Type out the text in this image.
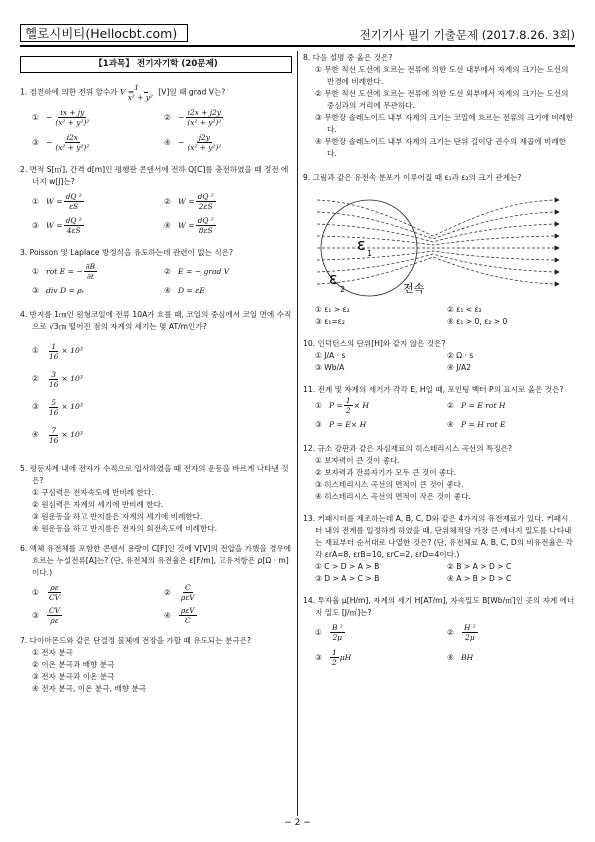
헬로시비티(Hellocbt.com)	전기기사 필기 기출문제 (2017.8.26. 3회)
【1과목】 전기자기학 (20문제)
1. 점전하에 의한 전위 함수가 $V = \frac{1}{\text{x² + y²}} [V]$일 때 grad V는?
① − $\frac{ix + jy}{\text{(x² + y²)²}}$	② − $\frac{i2x + j2y}{\text{(x² + y²)²}}$
③ − $\frac{i2x}{\text{(x² + y²)²}}$	④ − $\frac{j2y}{\text{(x² + y²)²}}$
2. 면적 S[㎡], 간격 d[m]인 평행판 콘덴서에 전하 Q[C]를 충전하였을 때 정전 에너지 w[J]는?
① $W = \frac{\text{dQ ²}}{\varepsilon S}$	② $W = \frac{\text{dQ ²}}{2\varepsilon S}$
③ $W = \frac{\text{dQ ²}}{4\varepsilon S}$	④ $W = \frac{\text{dQ ²}}{8\varepsilon S}$
3. Poisson 및 Laplace 방정식을 유도하는데 관련이 없는 식은?
① rot E = − $\frac{\partial B}{\partial t}$	② E = − grad V
③ div D = ρᵥ	④ D = εE
4. 반지름 1㎝인 원형코일에 전류 10A가 흐를 때, 코일의 중심에서 코일 면에 수직으로 √3㎝ 떨어진 점의 자계의 세기는 몇 AT/m인가?
①	$\frac{1}{16} \times 10^3$
②	$\frac{3}{16} \times 10^3$
③	$\frac{5}{16} \times 10^3$
④	$\frac{7}{16} \times 10^3$
5. 평등자계 내에 전자가 수직으로 입사하였을 때 전자의 운동을 바르게 나타낸 것은?
① 구심력은 전자속도에 반비례 한다.
② 원심력은 자계의 세기에 반비례 한다.
③ 원운동을 하고 반지름은 자계의 세기에 비례한다.
④ 원운동을 하고 반지름은 전자의 회전속도에 비례한다.
6. 액체 유전체를 포함한 콘덴서 용량이 C[F]인 것에 V[V]의 전압을 가했을 경우에 흐르는 누설전류[A]는? (단, 유전체의 유전율은 ε[F/m], 고유저항은 ρ[Ω · m]이다.)
①	$\frac{\rho\varepsilon}{CV}$	②	$\frac{C}{\text{ρεV}}$
③	$\frac{CV}{\rho\varepsilon}$	④	$\frac{\text{ρεV}}{C}$
7. 다이아몬드와 같은 단결정 물체에 전장을 가할 때 유도되는 분극은?
① 전자 분극
② 이온 분극과 배향 분극
③ 전자 분극과 이온 분극
④ 전자 분극, 이온 분극, 배향 분극
8. 다음 설명 중 옳은 것은?
① 무한 직선 도선에 흐르는 전류에 의한 도선 내부에서 자계의 크기는 도선의 반경에 비례한다.
② 무한 직선 도선에 흐르는 전류에 의한 도선 외부에서 자계의 크기는 도선의 중심과의 거리에 무관하다.
③ 무한장 솔레노이드 내부 자계의 크기는 코일에 흐르는 전류의 크기에 비례한다.
④ 무한장 솔레노이드 내부 자계의 크기는 단위 길이당 권수의 제곱에 비례한다.
9. 그림과 같은 유전속 분포가 이루어질 때 ε₁과 ε₂의 크기 관계는?
ε 1
ε
2	전속
① ε₁ > ε₂	② ε₁ < ε₂
③ ε₁=ε₂	④ ε₁ > 0, ε₂ > 0
10. 인덕턴스의 단위[H]와 같지 않은 것은?
① J/A · s	② Ω · s
③ Wb/A	④ J/A2
11. 전계 및 자계의 세기가 각각 E, H일 때, 포인팅 벡터 P의 표시로 옳은 것은?
① $P = \frac{1}{2} \times H$	② P = E rot H
③ P = E× H	④ P = H rot E
12. 규소 강판과 같은 자심재료의 히스테리시스 곡선의 특징은?
① 보자력이 큰 것이 좋다.
② 보자력과 잔류자기가 모두 큰 것이 좋다.
③ 히스테리시스 곡선의 면적이 큰 것이 좋다.
④ 히스테리시스 곡선의 면적이 작은 것이 좋다.
13. 커패시터를 제조하는데 A, B, C, D와 같은 4가지의 유전재료가 있다. 커패시터 내의 전계를 일정하게 하였을 때, 단위체적당 가장 큰 에너지 밀도를 나타내는 재료부터 순서대로 나열한 것은? (단, 유전체료 A, B, C, D의 비유전율은 각각 εrA=8, εrB=10, εrC=2, εrD=4이다.)
① C > D > A > B	② B > A > D > C
③ D > A > C > B	④ A > B > D > C
14. 투자율 μ[H/m], 자계의 세기 H[AT/m], 자속밀도 B[Wb/㎡]인 곳의 자계 에너지 밀도 [J/㎥]는?
①	$\frac{\text{B ²}}{2\mu}$	②	$\frac{\text{H ²}}{2\mu}$
③	$\frac{1}{2}$ μH	④ BH
− 2 −
